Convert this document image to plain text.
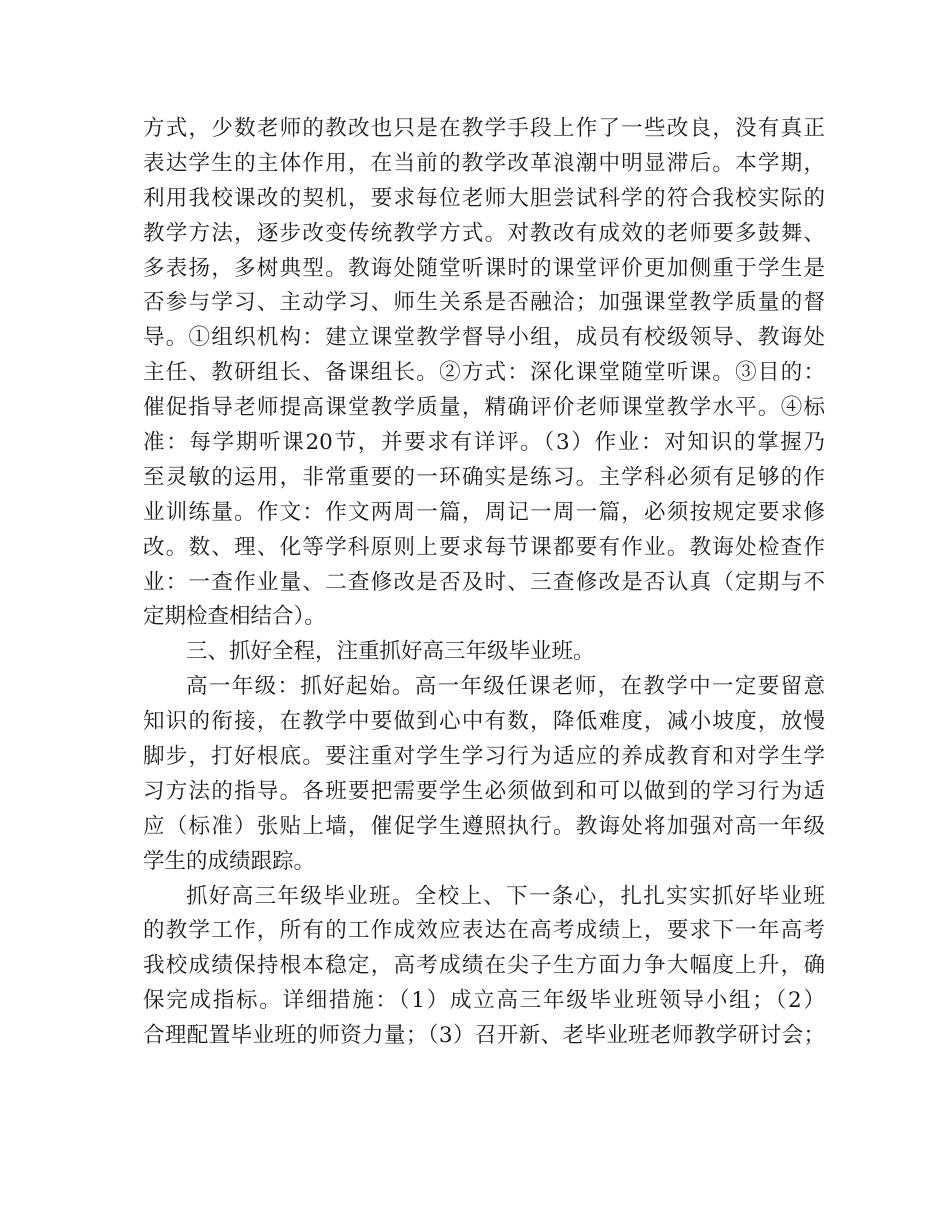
方式，少数老师的教改也只是在教学手段上作了一些改良，没有真正
表达学生的主体作用，在当前的教学改革浪潮中明显滞后。本学期，
利用我校课改的契机，要求每位老师大胆尝试科学的符合我校实际的
教学方法，逐步改变传统教学方式。对教改有成效的老师要多鼓舞、
多表扬，多树典型。教诲处随堂听课时的课堂评价更加侧重于学生是
否参与学习、主动学习、师生关系是否融洽；加强课堂教学质量的督
导。①组织机构：建立课堂教学督导小组，成员有校级领导、教诲处
主任、教研组长、备课组长。②方式：深化课堂随堂听课。③目的：
催促指导老师提高课堂教学质量，精确评价老师课堂教学水平。④标
准：每学期听课20节，并要求有详评。（3）作业：对知识的掌握乃
至灵敏的运用，非常重要的一环确实是练习。主学科必须有足够的作
业训练量。作文：作文两周一篇，周记一周一篇，必须按规定要求修
改。数、理、化等学科原则上要求每节课都要有作业。教诲处检查作
业：一查作业量、二查修改是否及时、三查修改是否认真（定期与不
定期检查相结合）。
三、抓好全程，注重抓好高三年级毕业班。
高一年级：抓好起始。高一年级任课老师，在教学中一定要留意
知识的衔接，在教学中要做到心中有数，降低难度，减小坡度，放慢
脚步，打好根底。要注重对学生学习行为适应的养成教育和对学生学
习方法的指导。各班要把需要学生必须做到和可以做到的学习行为适
应（标准）张贴上墙，催促学生遵照执行。教诲处将加强对高一年级
学生的成绩跟踪。
抓好高三年级毕业班。全校上、下一条心，扎扎实实抓好毕业班
的教学工作，所有的工作成效应表达在高考成绩上，要求下一年高考
我校成绩保持根本稳定，高考成绩在尖子生方面力争大幅度上升，确
保完成指标。详细措施：（1）成立高三年级毕业班领导小组；（2）
合理配置毕业班的师资力量；（3）召开新、老毕业班老师教学研讨会；
